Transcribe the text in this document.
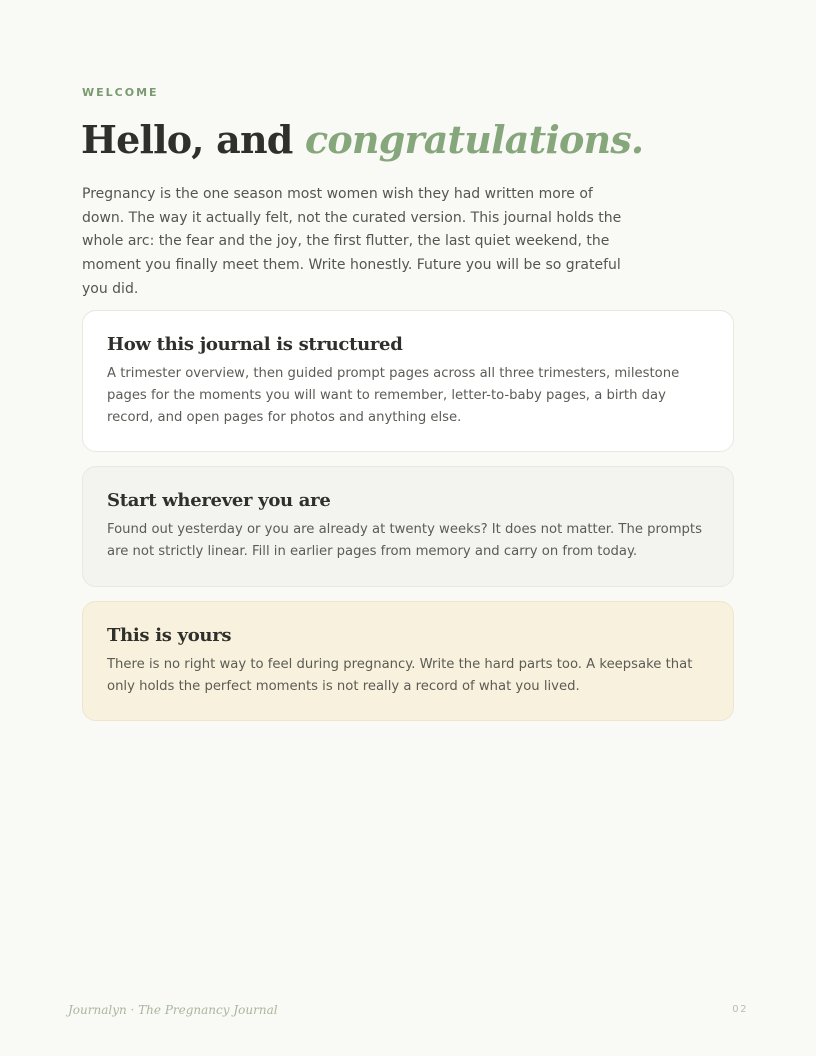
WELCOME
Hello, and congratulations.

Pregnancy is the one season most women wish they had written more of down. The way it actually felt, not the curated version. This journal holds the whole arc: the fear and the joy, the first flutter, the last quiet weekend, the moment you finally meet them. Write honestly. Future you will be so grateful you did.

How this journal is structured

A trimester overview, then guided prompt pages across all three trimesters, milestone pages for the moments you will want to remember, letter-to-baby pages, a birth day record, and open pages for photos and anything else.

Start wherever you are

Found out yesterday or you are already at twenty weeks? It does not matter. The prompts are not strictly linear. Fill in earlier pages from memory and carry on from today.

This is yours

There is no right way to feel during pregnancy. Write the hard parts too. A keepsake that only holds the perfect moments is not really a record of what you lived.

Journalyn · The Pregnancy Journal	02
